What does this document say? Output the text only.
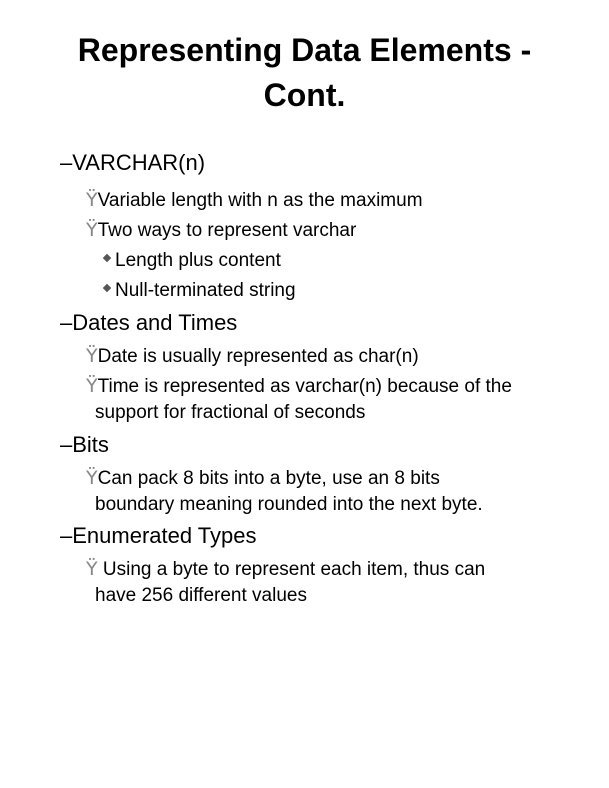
Representing Data Elements -
Cont.
–VARCHAR(n)
ŸVariable length with n as the maximum
ŸTwo ways to represent varchar
Length plus content
Null-terminated string
–Dates and Times
ŸDate is usually represented as char(n)
ŸTime is represented as varchar(n) because of the
support for fractional of seconds
–Bits
ŸCan pack 8 bits into a byte, use an 8 bits
boundary meaning rounded into the next byte.
–Enumerated Types
Ÿ Using a byte to represent each item, thus can
have 256 different values
